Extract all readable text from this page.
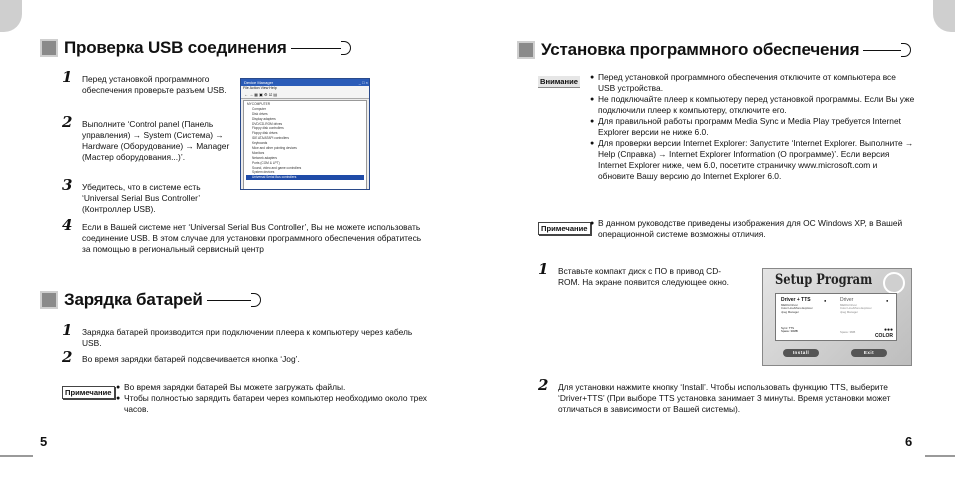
5	6
Проверка USB соединения
1 Перед установкой программного обеспечения проверьте разъем USB.
2 Выполните ‘Control panel (Панель управления) → System (Система) → Hardware (Оборудование) → Manager (Мастер оборудования...)’.
3 Убедитесь, что в системе есть ‘Universal Serial Bus Controller’ (Контроллер USB).
4 Если в Вашей системе нет ‘Universal Serial Bus Controller’, Вы не можете использовать соединение USB. В этом случае для установки программного обеспечения обратитесь за помощью в региональный сервисный центр
Device Manager	_ □ ×
File Action View Help
← → ▦ ▣ ⚙ ☑ ▤
MYCOMPUTER
Computer
Disk drives
Display adapters
DVD/CD-ROM drives
Floppy disk controllers
Floppy disk drives
IDE ATA/ATAPI controllers
Keyboards
Mice and other pointing devices
Monitors
Network adapters
Ports (COM & LPT)
Sound, video and game controllers
System devices
Universal Serial Bus controllers
Зарядка батарей
1 Зарядка батарей производится при подключении плеера к компьютеру через кабель USB.
2 Во время зарядки батарей подсвечивается кнопка ‘Jog’.
Примечание
● Во время зарядки батарей Вы можете загружать файлы.
● Чтобы полностью зарядить батареи через компьютер необходимо около трех часов.
Установка программного обеспечения
Внимание
●	Перед установкой программного обеспечения отключите от компьютера все USB устройства.
● Не подключайте плеер к компьютеру перед установкой программы. Если Вы уже подключили плеер к компьютеру, отключите его.
● Для правильной работы программ Media Sync и Media Play требуется Internet Explorer версии не ниже 6.0.
● Для проверки версии Internet Explorer: Запустите ‘Internet Explorer. Выполните → Help (Справка) → Internet Explorer Information (О программе)’. Если версия Internet Explorer ниже, чем 6.0, посетите страничку www.microsoft.com и обновите Вашу версию до Internet Explorer 6.0.
Примечание
● В данном руководстве приведены изображения для ОС Windows XP, в Вашей операционной системе возможны отличия.
1 Вставьте компакт диск с ПО в привод CD-ROM. На экране появится следующее окно.	Setup Program
Driver + TTS	●	Driver	●
MEDIA Driver
Color Line/Mono Explorer
Jpeg Manager
MEDIA Driver
Color Line/Mono Explorer
Jpeg Manager
Sync: TTS
Space: 30MB	Space: 3MB	●●●
COLOR
Install	Exit
2 Для установки нажмите кнопку ‘Install’. Чтобы использовать функцию TTS, выберите ‘Driver+TTS’ (При выборе TTS установка занимает 3 минуты. Время установки может отличаться в зависимости от Вашей системы).
